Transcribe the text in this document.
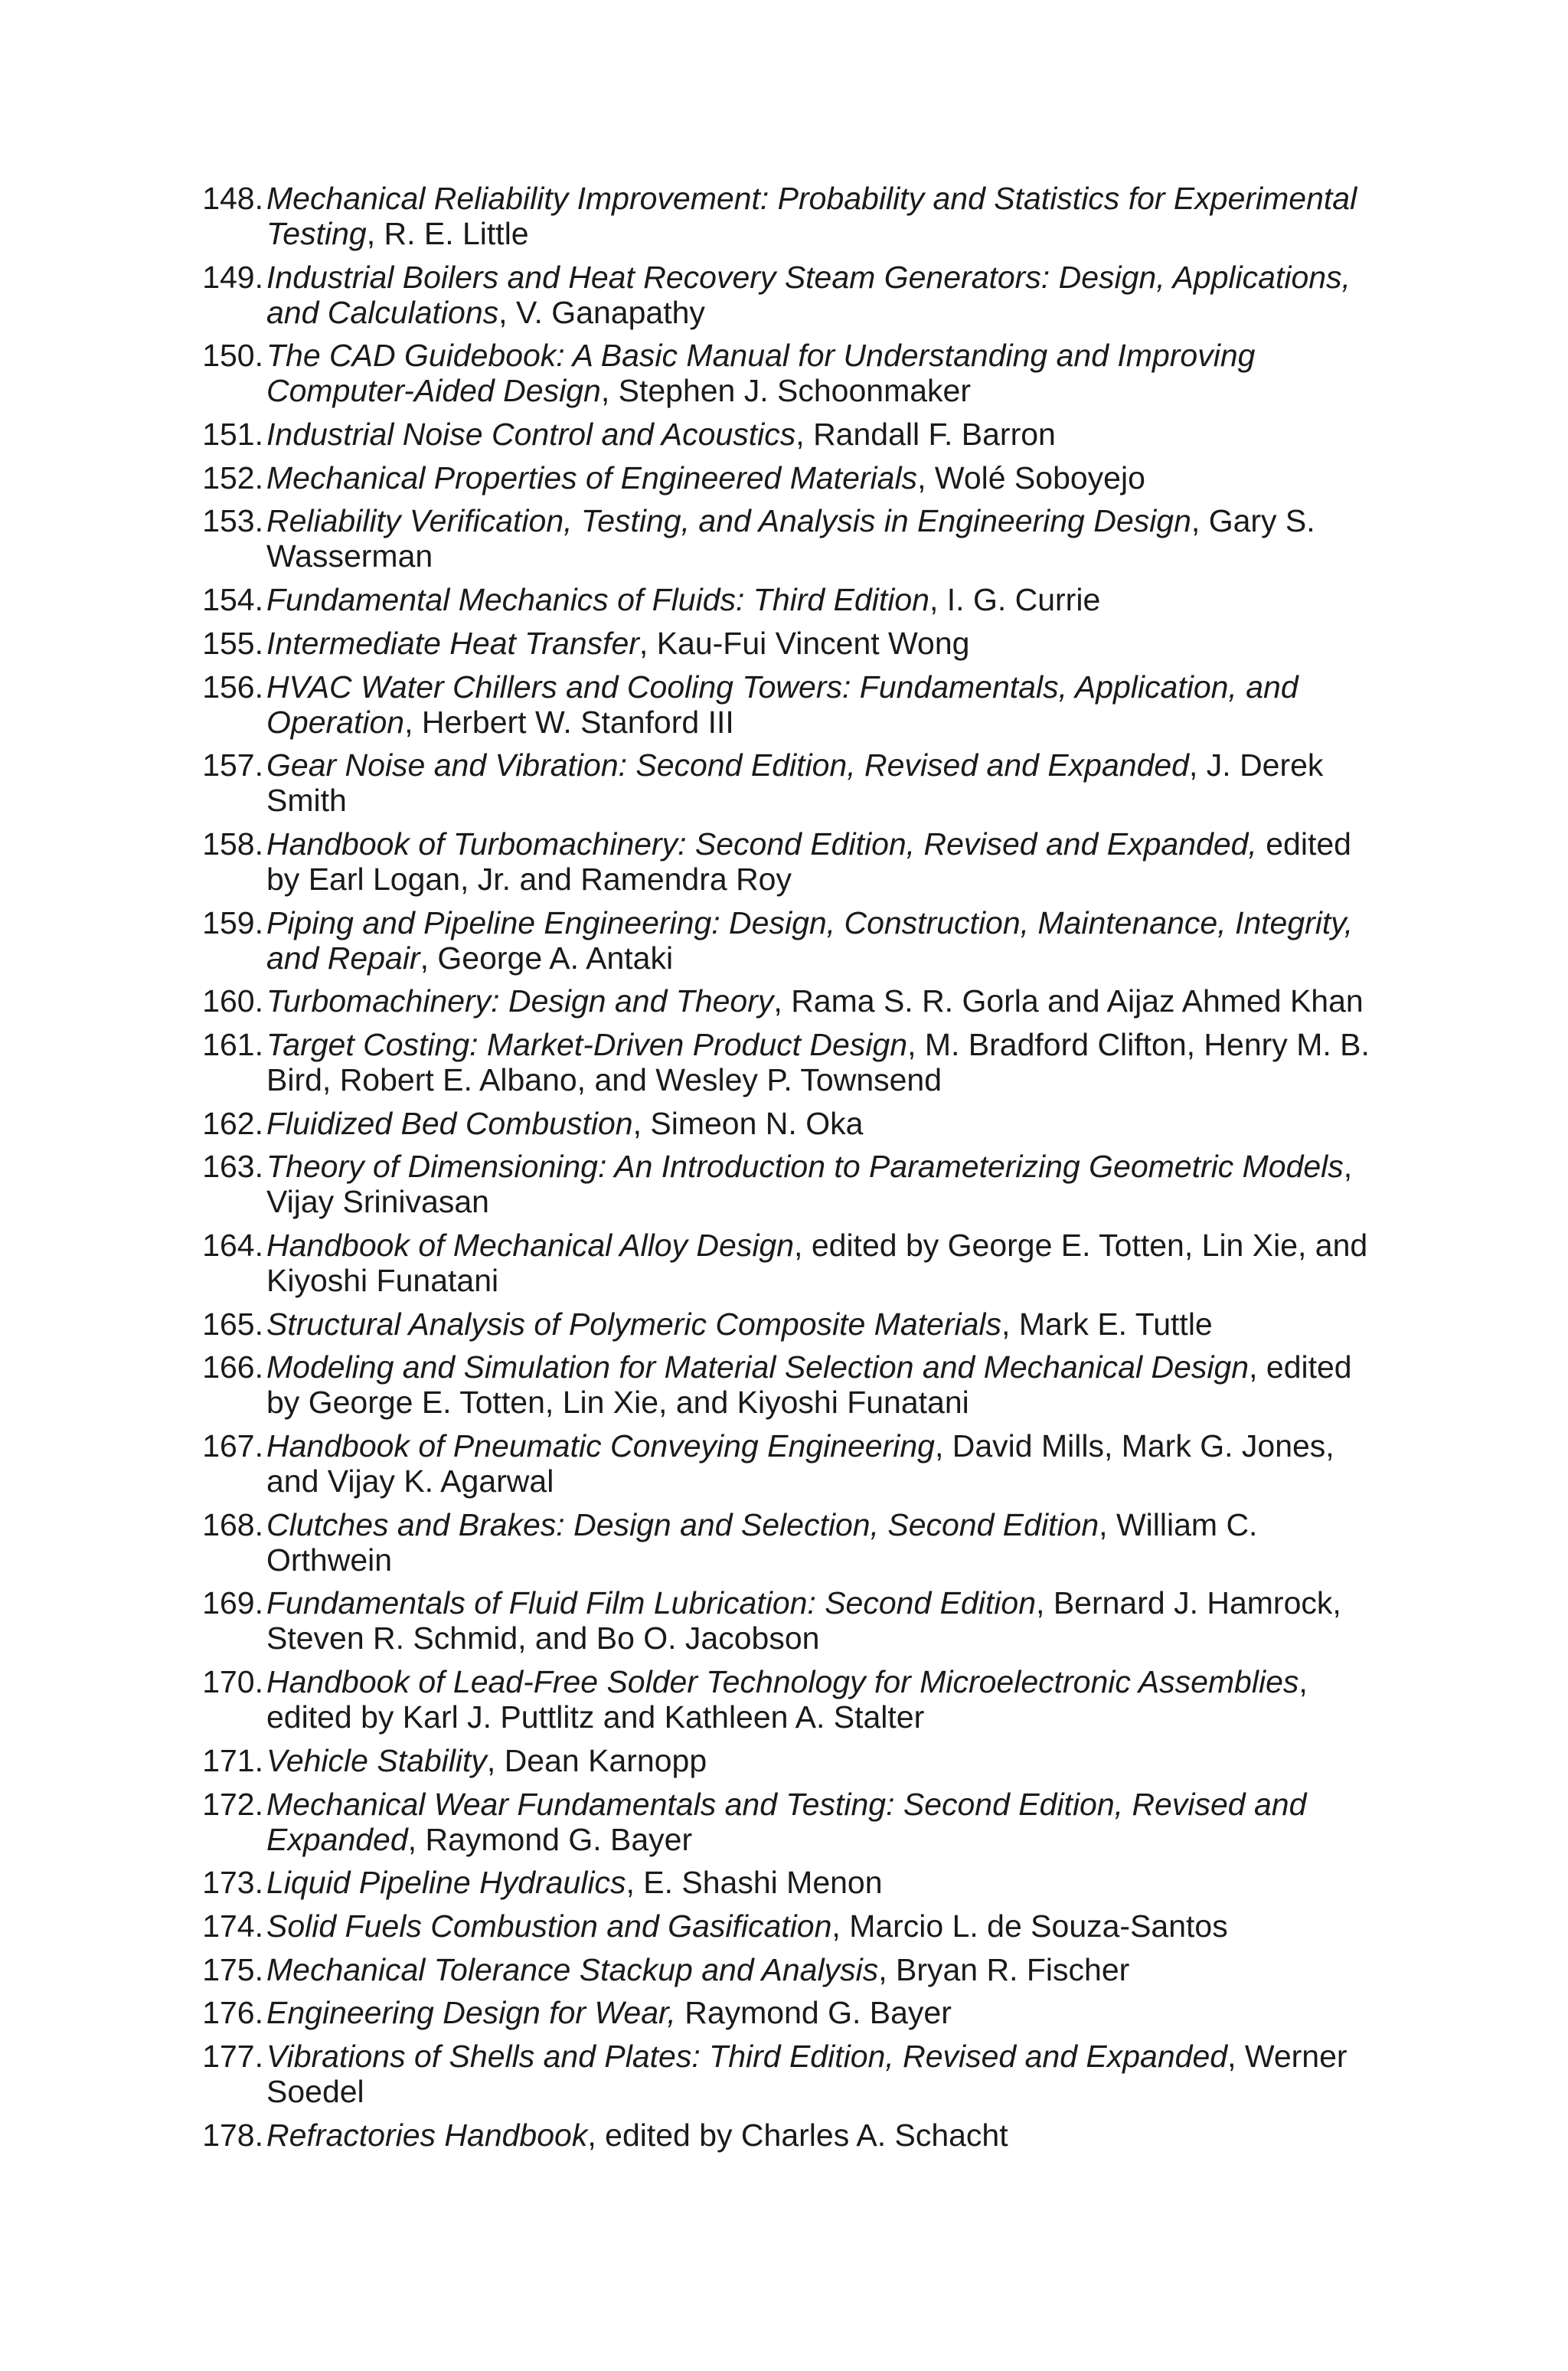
148. Mechanical Reliability Improvement: Probability and Statistics for Experimental Testing, R. E. Little
149. Industrial Boilers and Heat Recovery Steam Generators: Design, Applications, and Calculations, V. Ganapathy
150. The CAD Guidebook: A Basic Manual for Understanding and Improving Computer-Aided Design, Stephen J. Schoonmaker
151. Industrial Noise Control and Acoustics, Randall F. Barron
152. Mechanical Properties of Engineered Materials, Wolé Soboyejo
153. Reliability Verification, Testing, and Analysis in Engineering Design, Gary S. Wasserman
154. Fundamental Mechanics of Fluids: Third Edition, I. G. Currie
155. Intermediate Heat Transfer, Kau-Fui Vincent Wong
156. HVAC Water Chillers and Cooling Towers: Fundamentals, Application, and Operation, Herbert W. Stanford III
157. Gear Noise and Vibration: Second Edition, Revised and Expanded, J. Derek Smith
158. Handbook of Turbomachinery: Second Edition, Revised and Expanded, edited by Earl Logan, Jr. and Ramendra Roy
159. Piping and Pipeline Engineering: Design, Construction, Maintenance, Integrity, and Repair, George A. Antaki
160. Turbomachinery: Design and Theory, Rama S. R. Gorla and Aijaz Ahmed Khan
161. Target Costing: Market-Driven Product Design, M. Bradford Clifton, Henry M. B. Bird, Robert E. Albano, and Wesley P. Townsend
162. Fluidized Bed Combustion, Simeon N. Oka
163. Theory of Dimensioning: An Introduction to Parameterizing Geometric Models, Vijay Srinivasan
164. Handbook of Mechanical Alloy Design, edited by George E. Totten, Lin Xie, and Kiyoshi Funatani
165. Structural Analysis of Polymeric Composite Materials, Mark E. Tuttle
166. Modeling and Simulation for Material Selection and Mechanical Design, edited by George E. Totten, Lin Xie, and Kiyoshi Funatani
167. Handbook of Pneumatic Conveying Engineering, David Mills, Mark G. Jones, and Vijay K. Agarwal
168. Clutches and Brakes: Design and Selection, Second Edition, William C. Orthwein
169. Fundamentals of Fluid Film Lubrication: Second Edition, Bernard J. Hamrock, Steven R. Schmid, and Bo O. Jacobson
170. Handbook of Lead-Free Solder Technology for Microelectronic Assemblies, edited by Karl J. Puttlitz and Kathleen A. Stalter
171. Vehicle Stability, Dean Karnopp
172. Mechanical Wear Fundamentals and Testing: Second Edition, Revised and Expanded, Raymond G. Bayer
173. Liquid Pipeline Hydraulics, E. Shashi Menon
174. Solid Fuels Combustion and Gasification, Marcio L. de Souza-Santos
175. Mechanical Tolerance Stackup and Analysis, Bryan R. Fischer
176. Engineering Design for Wear, Raymond G. Bayer
177. Vibrations of Shells and Plates: Third Edition, Revised and Expanded, Werner Soedel
178. Refractories Handbook, edited by Charles A. Schacht
